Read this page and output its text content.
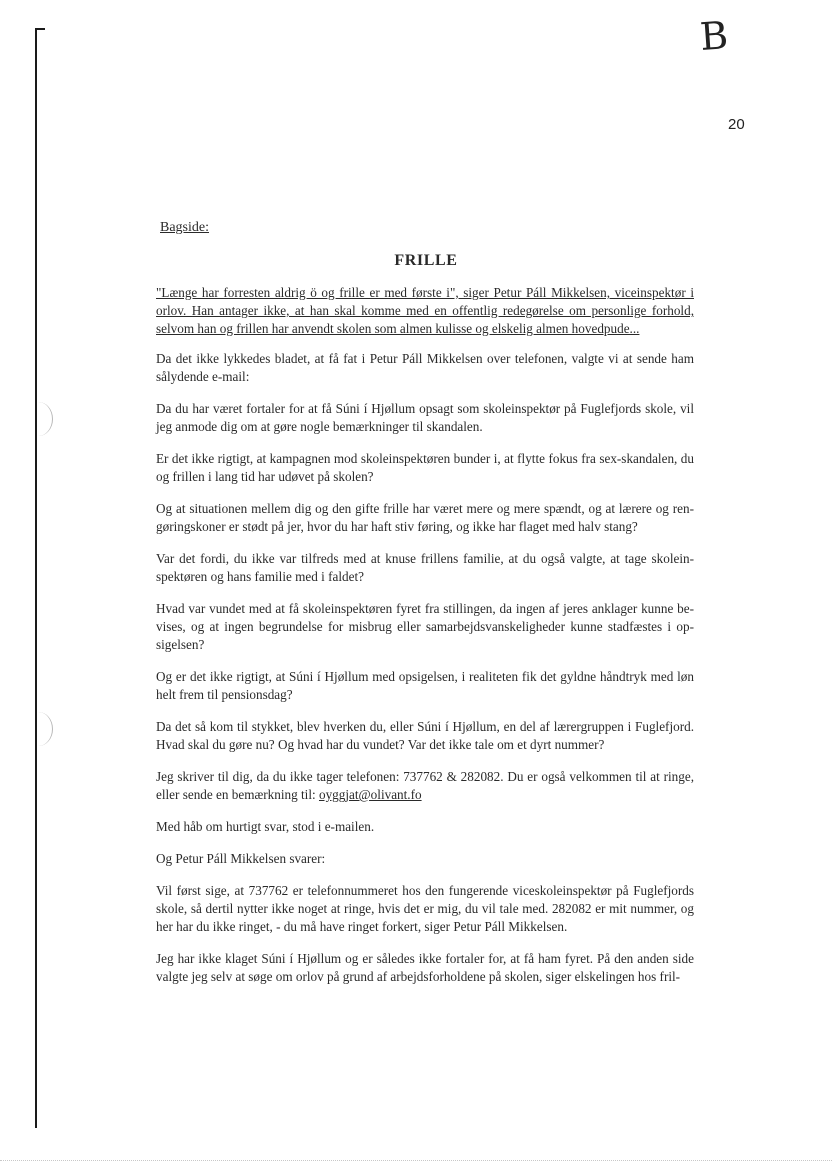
B
20
Bagside:
FRILLE

"Længe har forresten aldrig ö og frille er med første i", siger Petur Páll Mikkelsen, viceinspektør i orlov. Han antager ikke, at han skal komme med en offentlig redegørelse om personlige forhold, selvom han og frillen har anvendt skolen som almen kulisse og elskelig almen hovedpude...

Da det ikke lykkedes bladet, at få fat i Petur Páll Mikkelsen over telefonen, valgte vi at sende ham sålydende e-mail:

Da du har været fortaler for at få Súni í Hjøllum opsagt som skoleinspektør på Fuglefjords skole, vil jeg anmode dig om at gøre nogle bemærkninger til skandalen.

Er det ikke rigtigt, at kampagnen mod skoleinspektøren bunder i, at flytte fokus fra sex-skandalen, du og frillen i lang tid har udøvet på skolen?

Og at situationen mellem dig og den gifte frille har været mere og mere spændt, og at lærere og rengøringskoner er stødt på jer, hvor du har haft stiv føring, og ikke har flaget med halv stang?

Var det fordi, du ikke var tilfreds med at knuse frillens familie, at du også valgte, at tage skoleinspektøren og hans familie med i faldet?

Hvad var vundet med at få skoleinspektøren fyret fra stillingen, da ingen af jeres anklager kunne bevises, og at ingen begrundelse for misbrug eller samarbejdsvanskeligheder kunne stadfæstes i opsigelsen?

Og er det ikke rigtigt, at Súni í Hjøllum med opsigelsen, i realiteten fik det gyldne håndtryk med løn helt frem til pensionsdag?

Da det så kom til stykket, blev hverken du, eller Súni í Hjøllum, en del af lærergruppen i Fuglefjord. Hvad skal du gøre nu? Og hvad har du vundet? Var det ikke tale om et dyrt nummer?

Jeg skriver til dig, da du ikke tager telefonen: 737762 & 282082. Du er også velkommen til at ringe, eller sende en bemærkning til: oyggjat@olivant.fo

Med håb om hurtigt svar, stod i e-mailen.

Og Petur Páll Mikkelsen svarer:

Vil først sige, at 737762 er telefonnummeret hos den fungerende viceskoleinspektør på Fuglefjords skole, så dertil nytter ikke noget at ringe, hvis det er mig, du vil tale med. 282082 er mit nummer, og her har du ikke ringet, - du må have ringet forkert, siger Petur Páll Mikkelsen.

Jeg har ikke klaget Súni í Hjøllum og er således ikke fortaler for, at få ham fyret. På den anden side valgte jeg selv at søge om orlov på grund af arbejdsforholdene på skolen, siger elskelingen hos fril-
